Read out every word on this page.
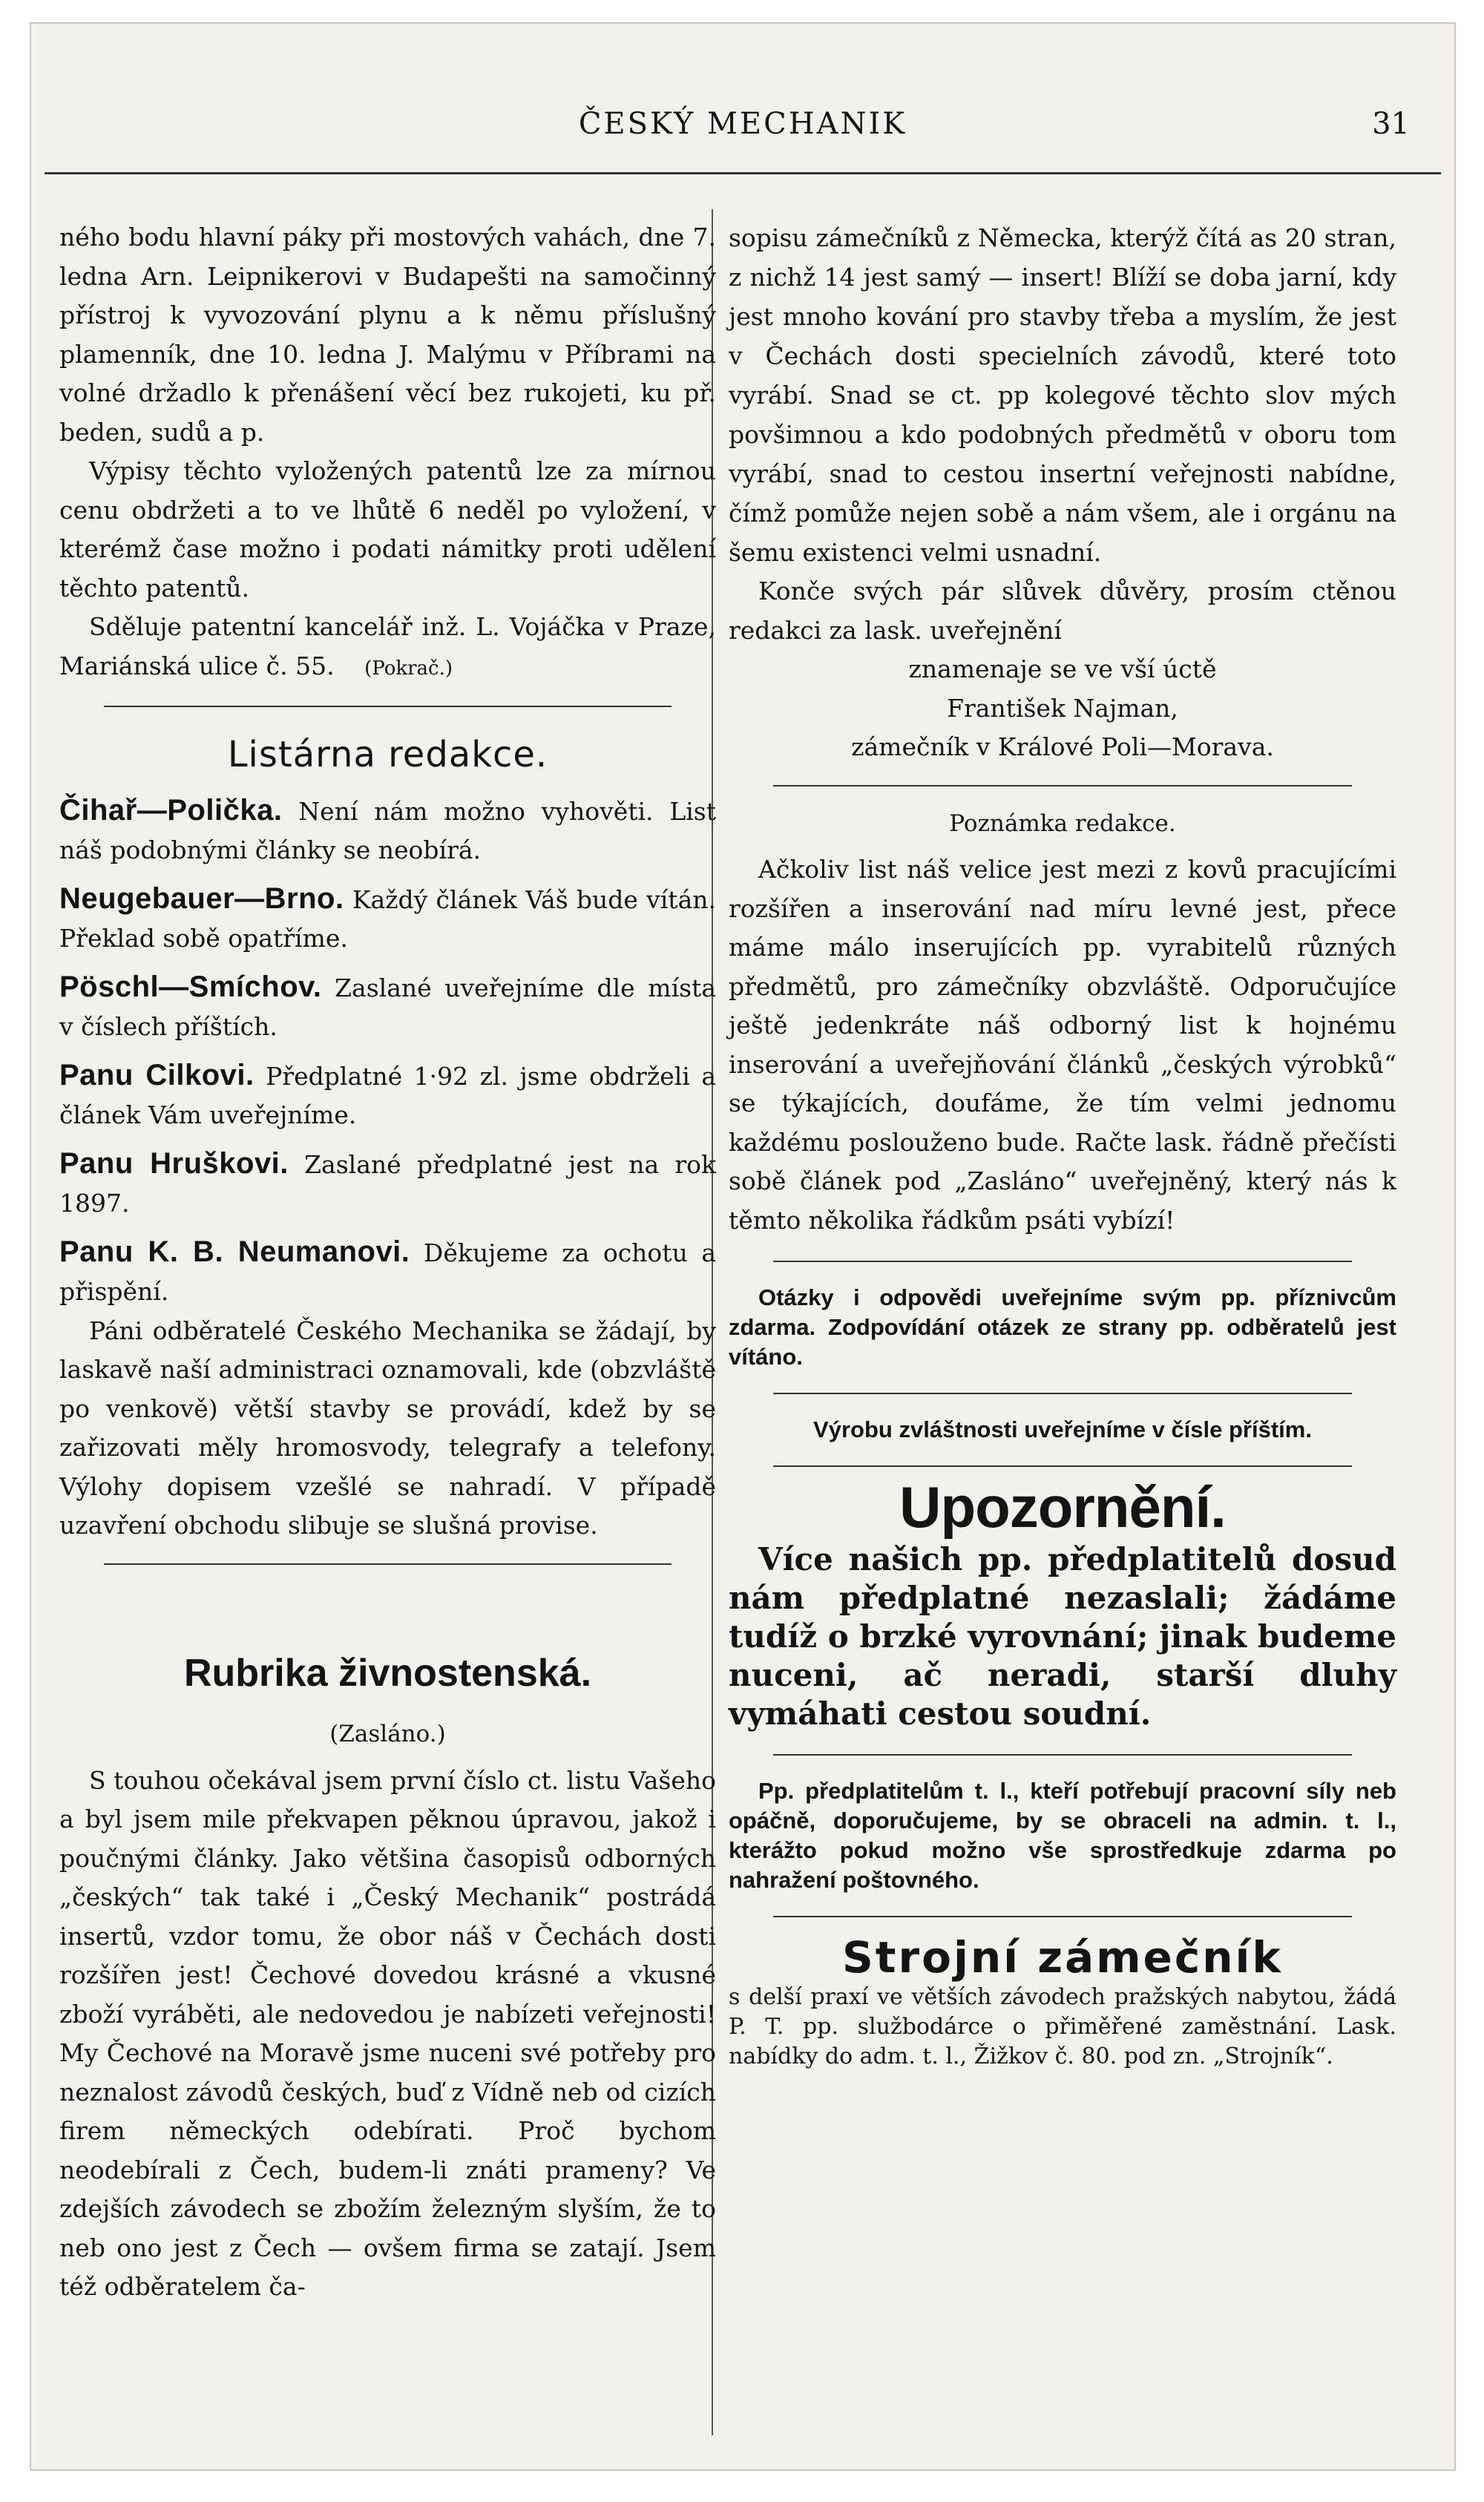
ČESKÝ MECHANIK	31

ného bodu hlavní páky při mostových vahách, dne 7. ledna Arn. Leipnikerovi v Budapešti na samočinný přístroj k vyvozování plynu a k němu příslušný plamenník, dne 10. ledna J. Malýmu v Příbrami na volné držadlo k přenášení věcí bez rukojeti, ku př. beden, sudů a p.

Výpisy těchto vyložených patentů lze za mírnou cenu obdržeti a to ve lhůtě 6 neděl po vyložení, v kterémž čase možno i podati námitky proti udělení těchto patentů.

Sděluje patentní kancelář inž. L. Vojáčka v Praze, Mariánská ulice č. 55. (Pokrač.)

Listárna redakce.

Čihař—Polička. Není nám možno vyhověti. List náš podobnými články se neobírá.

Neugebauer—Brno. Každý článek Váš bude vítán. Překlad sobě opatříme.

Pöschl—Smíchov. Zaslané uveřejníme dle místa v číslech příštích.

Panu Cilkovi. Předplatné 1·92 zl. jsme obdrželi a článek Vám uveřejníme.

Panu Hruškovi. Zaslané předplatné jest na rok 1897.

Panu K. B. Neumanovi. Děkujeme za ochotu a přispění.

Páni odběratelé Českého Mechanika se žádají, by laskavě naší administraci oznamovali, kde (obzvláště po venkově) větší stavby se provádí, kdež by se zařizovati měly hromosvody, telegrafy a telefony. Výlohy dopisem vzešlé se nahradí. V případě uzavření obchodu slibuje se slušná provise.

Rubrika živnostenská.
(Zasláno.)

S touhou očekával jsem první číslo ct. listu Vašeho a byl jsem mile překvapen pěknou úpravou, jakož i poučnými články. Jako většina časopisů odborných „českých“ tak také i „Český Mechanik“ postrádá insertů, vzdor tomu, že obor náš v Čechách dosti rozšířen jest! Čechové dovedou krásné a vkusné zboží vyráběti, ale nedovedou je nabízeti veřejnosti! My Čechové na Moravě jsme nuceni své potřeby pro neznalost závodů českých, buď z Vídně neb od cizích firem německých odebírati. Proč bychom neodebírali z Čech, budem-li znáti prameny? Ve zdejších závodech se zbožím železným slyším, že to neb ono jest z Čech — ovšem firma se zatají. Jsem též odběratelem ča-

sopisu zámečníků z Německa, kterýž čítá as 20 stran, z nichž 14 jest samý — insert! Blíží se doba jarní, kdy jest mnoho kování pro stavby třeba a myslím, že jest v Čechách dosti specielních závodů, které toto vyrábí. Snad se ct. pp kolegové těchto slov mých povšimnou a kdo podobných předmětů v oboru tom vyrábí, snad to cestou insertní veřejnosti nabídne, čímž pomůže nejen sobě a nám všem, ale i orgánu na šemu existenci velmi usnadní.

Konče svých pár slůvek důvěry, prosím ctěnou redakci za lask. uveřejnění

znamenaje se ve vší úctě
František Najman,
zámečník v Králové Poli—Morava.
Poznámka redakce.

Ačkoliv list náš velice jest mezi z kovů pracujícími rozšířen a inserování nad míru levné jest, přece máme málo inserujících pp. vyrabitelů různých předmětů, pro zámečníky obzvláště. Odporučujíce ještě jedenkráte náš odborný list k hojnému inserování a uveřejňování článků „českých výrobků“ se týkajících, doufáme, že tím velmi jednomu každému poslouženo bude. Račte lask. řádně přečísti sobě článek pod „Zasláno“ uveřejněný, který nás k těmto několika řádkům psáti vybízí!

Otázky i odpovědi uveřejníme svým pp. příznivcům zdarma. Zodpovídání otázek ze strany pp. odběratelů jest vítáno.

Výrobu zvláštnosti uveřejníme v čísle příštím.

Upozornění.

Více našich pp. předplatitelů dosud nám předplatné nezaslali; žádáme tudíž o brzké vyrovnání; jinak budeme nuceni, ač neradi, starší dluhy vymáhati cestou soudní.

Pp. předplatitelům t. l., kteří potřebují pracovní síly neb opáčně, doporučujeme, by se obraceli na admin. t. l., kterážto pokud možno vše sprostředkuje zdarma po nahražení poštovného.

Strojní zámečník

s delší praxí ve větších závodech pražských nabytou, žádá P. T. pp. službodárce o přiměřené zaměstnání. Lask. nabídky do adm. t. l., Žižkov č. 80. pod zn. „Strojník“.
